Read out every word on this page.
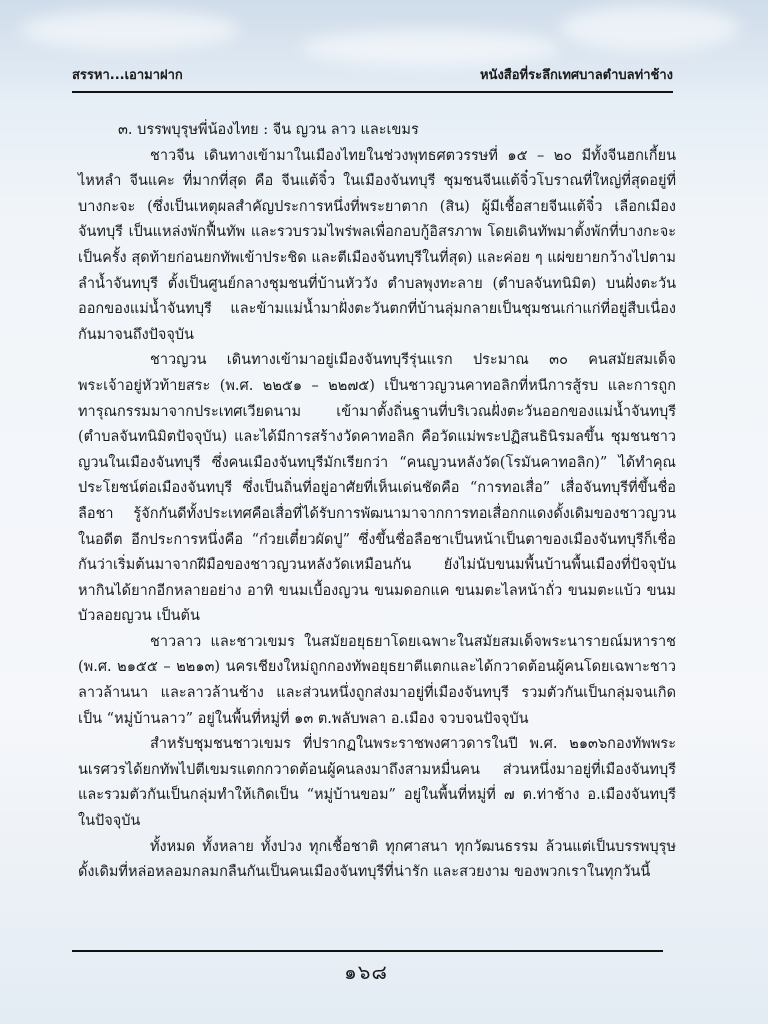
สรรหา...เอามาฝาก	หนังสือที่ระลึกเทศบาลตำบลท่าช้าง

๓. บรรพบุรุษพี่น้องไทย : จีน ญวน ลาว และเขมร

ชาวจีน เดินทางเข้ามาในเมืองไทยในช่วงพุทธศตวรรษที่ ๑๕ – ๒๐ มีทั้งจีนฮกเกี้ยน ไหหลำ จีนแคะ ที่มากที่สุด คือ จีนแต้จิ๋ว ในเมืองจันทบุรี ชุมชนจีนแต้จิ๋วโบราณที่ใหญ่ที่สุดอยู่ที่บางกะจะ (ซึ่งเป็นเหตุผลสำคัญประการหนึ่งที่พระยาตาก (สิน) ผู้มีเชื้อสายจีนแต้จิ๋ว เลือกเมืองจันทบุรี เป็นแหล่งพักฟื้นทัพ และรวบรวมไพร่พลเพื่อกอบกู้อิสรภาพ โดยเดินทัพมาตั้งพักที่บางกะจะเป็นครั้ง สุดท้ายก่อนยกทัพเข้าประชิด และตีเมืองจันทบุรีในที่สุด) และค่อย ๆ แผ่ขยายกว้างไปตามลำน้ำจันทบุรี ตั้งเป็นศูนย์กลางชุมชนที่บ้านหัววัง ตำบลพุงทะลาย (ตำบลจันทนิมิต) บนฝั่งตะวันออกของแม่น้ำจันทบุรี และข้ามแม่น้ำมาฝั่งตะวันตกที่บ้านลุ่มกลายเป็นชุมชนเก่าแก่ที่อยู่สืบเนื่องกันมาจนถึงปัจจุบัน

ชาวญวน เดินทางเข้ามาอยู่เมืองจันทบุรีรุ่นแรก ประมาณ ๓๐ คนสมัยสมเด็จพระเจ้าอยู่หัวท้ายสระ (พ.ศ. ๒๒๕๑ – ๒๒๗๕) เป็นชาวญวนคาทอลิกที่หนีการสู้รบ และการถูกทารุณกรรมมาจากประเทศเวียดนาม เข้ามาตั้งถิ่นฐานที่บริเวณฝั่งตะวันออกของแม่น้ำจันทบุรี (ตำบลจันทนิมิตปัจจุบัน) และได้มีการสร้างวัดคาทอลิก คือวัดแม่พระปฏิสนธินิรมลขึ้น ชุมชนชาวญวนในเมืองจันทบุรี ซึ่งคนเมืองจันทบุรีมักเรียกว่า “คนญวนหลังวัด(โรมันคาทอลิก)” ได้ทำคุณประโยชน์ต่อเมืองจันทบุรี ซึ่งเป็นถิ่นที่อยู่อาศัยที่เห็นเด่นชัดคือ “การทอเสื่อ” เสื่อจันทบุรีที่ขึ้นชื่อลือชา รู้จักกันดีทั้งประเทศคือเสื่อที่ได้รับการพัฒนามาจากการทอเสื่อกกแดงดั้งเดิมของชาวญวนในอดีต อีกประการหนึ่งคือ “ก๋วยเตี๋ยวผัดปู” ซึ่งขึ้นชื่อลือชาเป็นหน้าเป็นตาของเมืองจันทบุรีก็เชื่อกันว่าเริ่มต้นมาจากฝีมือของชาวญวนหลังวัดเหมือนกัน ยังไม่นับขนมพื้นบ้านพื้นเมืองที่ปัจจุบันหากินได้ยากอีกหลายอย่าง อาทิ ขนมเบื้องญวน ขนมดอกแค ขนมตะไลหน้าถั่ว ขนมตะแบ้ว ขนมบัวลอยญวน เป็นต้น

ชาวลาว และชาวเขมร ในสมัยอยุธยาโดยเฉพาะในสมัยสมเด็จพระนารายณ์มหาราช (พ.ศ. ๒๑๕๕ – ๒๒๑๓) นครเชียงใหม่ถูกกองทัพอยุธยาตีแตกและได้กวาดต้อนผู้คนโดยเฉพาะชาวลาวล้านนา และลาวล้านช้าง และส่วนหนึ่งถูกส่งมาอยู่ที่เมืองจันทบุรี รวมตัวกันเป็นกลุ่มจนเกิดเป็น “หมู่บ้านลาว” อยู่ในพื้นที่หมู่ที่ ๑๓ ต.พลับพลา อ.เมือง จวบจนปัจจุบัน

สำหรับชุมชนชาวเขมร ที่ปรากฏในพระราชพงศาวดารในปี พ.ศ. ๒๑๓๖กองทัพพระนเรศวรได้ยกทัพไปตีเขมรแตกกวาดต้อนผู้คนลงมาถึงสามหมื่นคน ส่วนหนึ่งมาอยู่ที่เมืองจันทบุรี และรวมตัวกันเป็นกลุ่มทำให้เกิดเป็น “หมู่บ้านขอม” อยู่ในพื้นที่หมู่ที่ ๗ ต.ท่าช้าง อ.เมืองจันทบุรี ในปัจจุบัน

ทั้งหมด ทั้งหลาย ทั้งปวง ทุกเชื้อชาติ ทุกศาสนา ทุกวัฒนธรรม ล้วนแต่เป็นบรรพบุรุษดั้งเดิมที่หล่อหลอมกลมกลืนกันเป็นคนเมืองจันทบุรีที่น่ารัก และสวยงาม ของพวกเราในทุกวันนี้

๑๖๘
